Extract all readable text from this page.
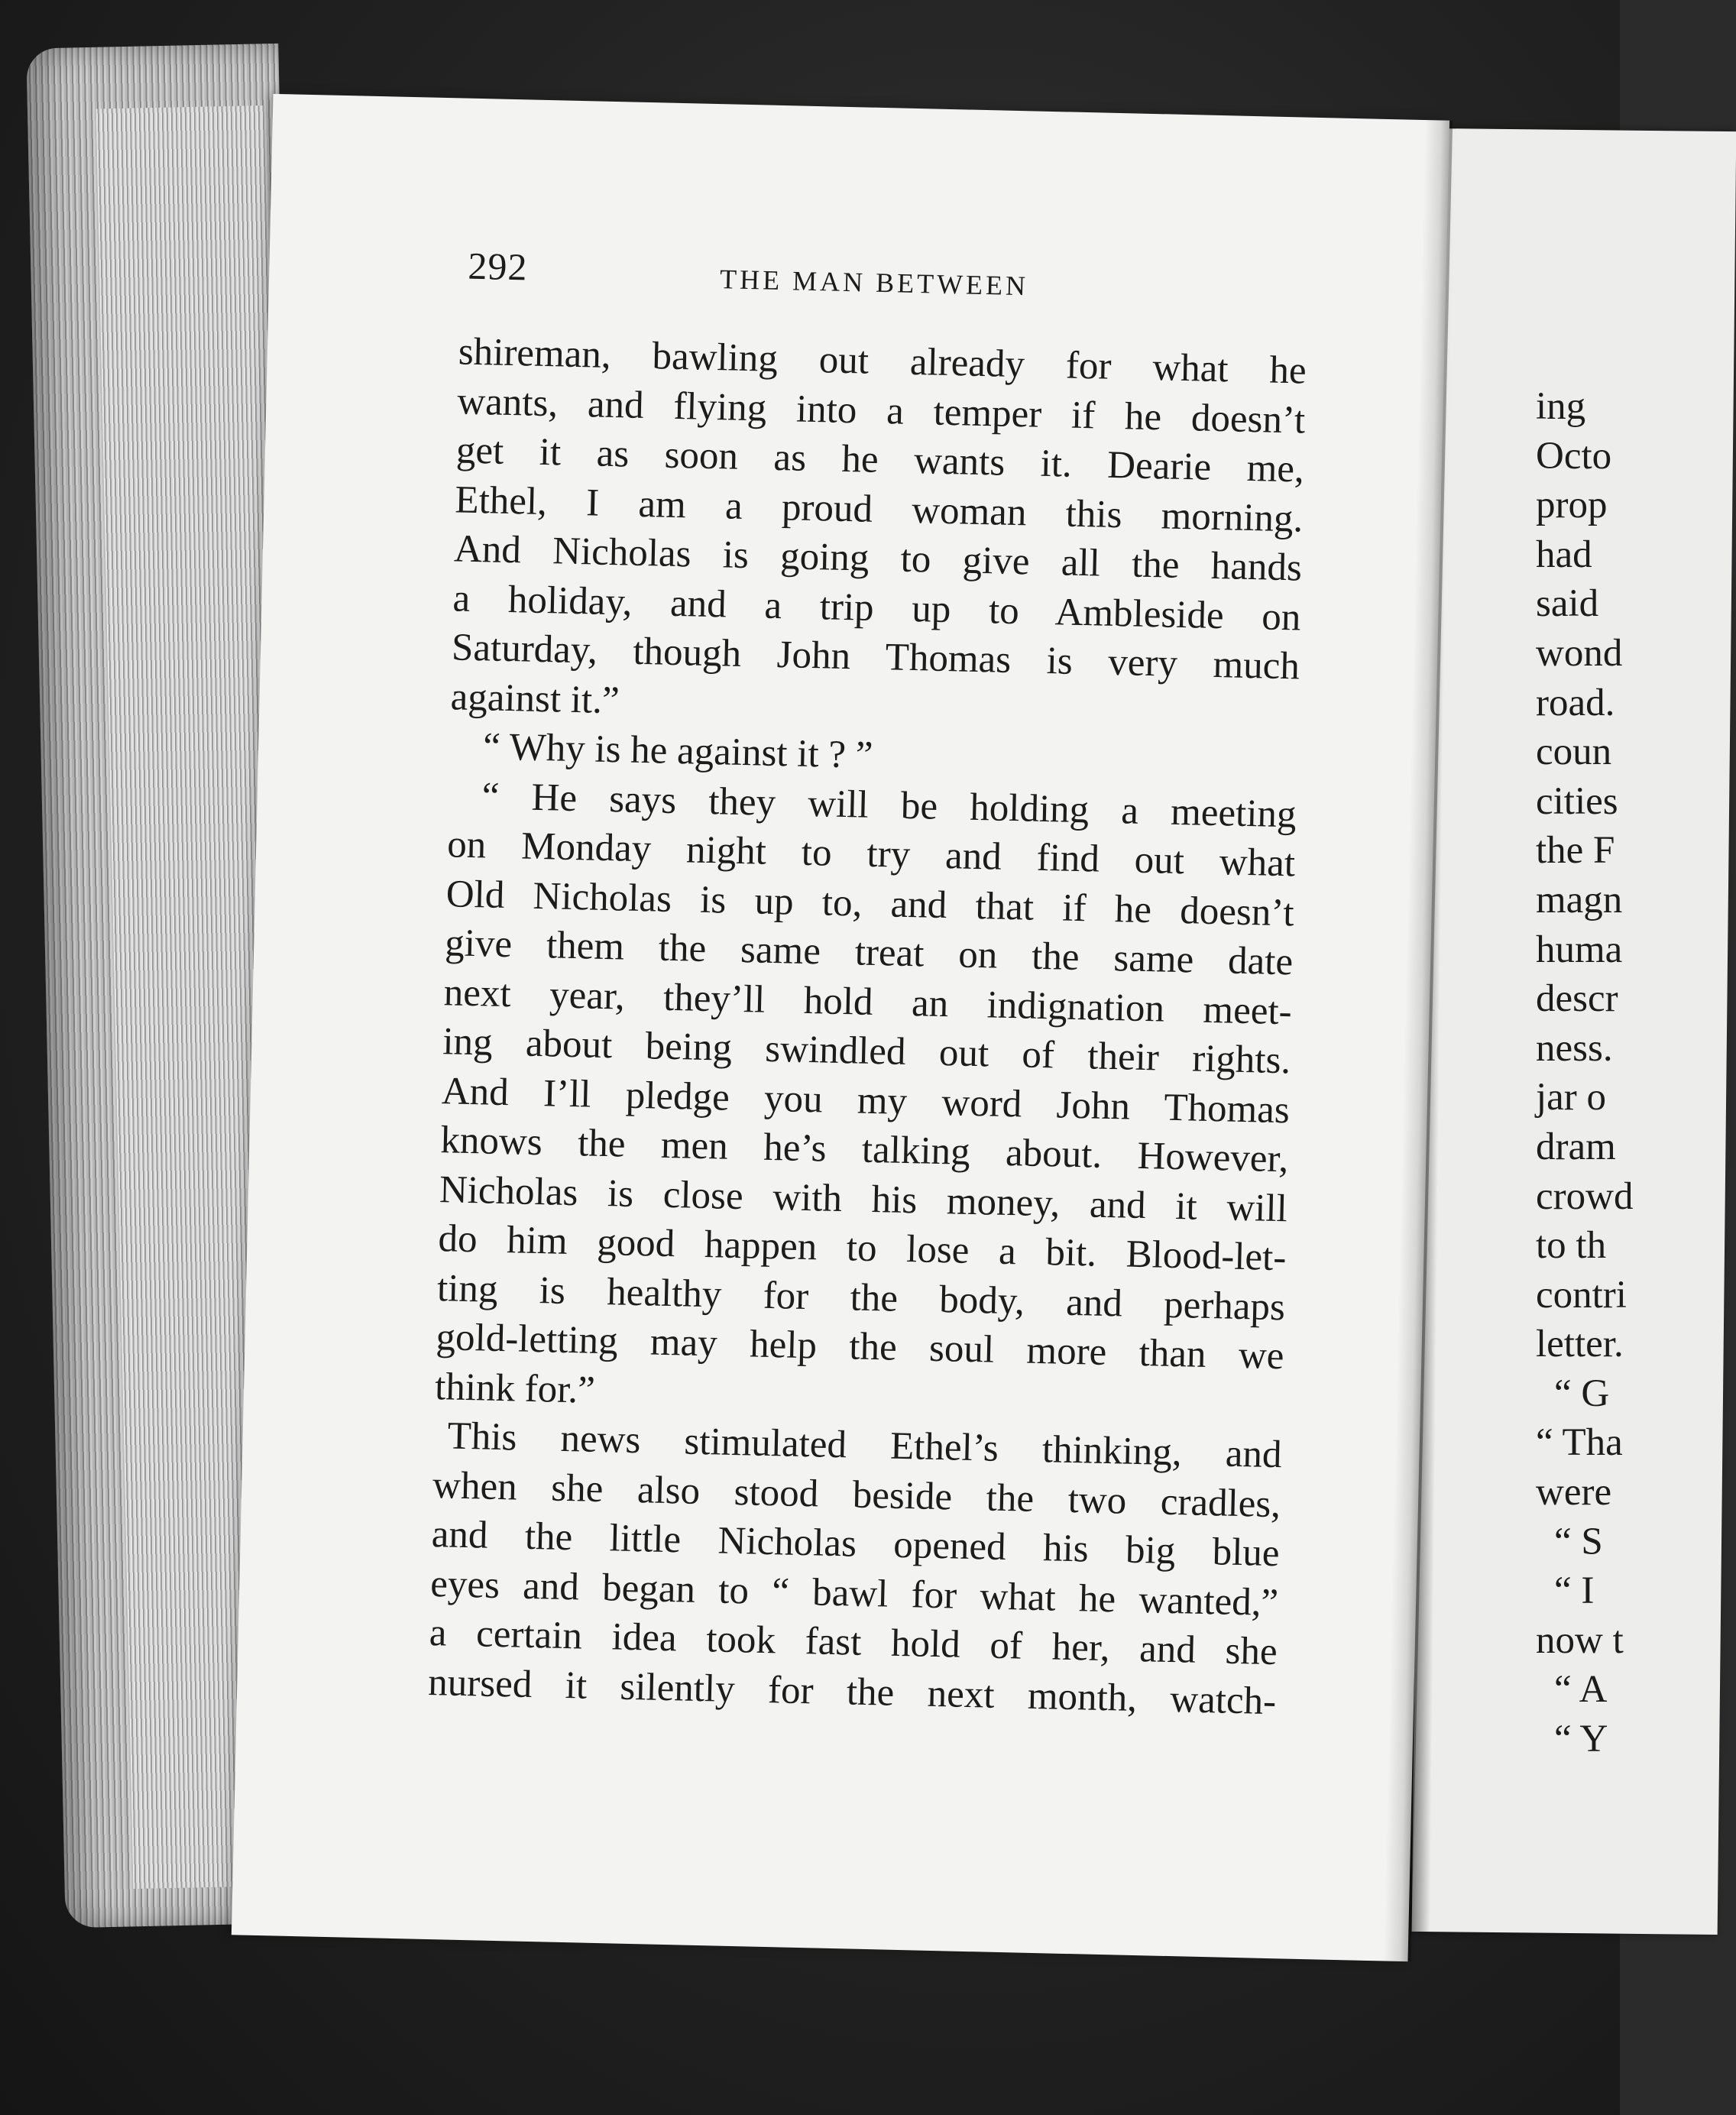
292	THE MAN BETWEEN
shireman, bawling out already for what he
wants, and flying into a temper if he doesn’t
get it as soon as he wants it. Dearie me,
Ethel, I am a proud woman this morning.
And Nicholas is going to give all the hands
a holiday, and a trip up to Ambleside on
Saturday, though John Thomas is very much
against it.”
“ Why is he against it ? ”
“ He says they will be holding a meeting
on Monday night to try and find out what
Old Nicholas is up to, and that if he doesn’t
give them the same treat on the same date
next year, they’ll hold an indignation meet-
ing about being swindled out of their rights.
And I’ll pledge you my word John Thomas
knows the men he’s talking about. However,
Nicholas is close with his money, and it will
do him good happen to lose a bit. Blood-let-
ting is healthy for the body, and perhaps
gold-letting may help the soul more than we
think for.”
This news stimulated Ethel’s thinking, and
when she also stood beside the two cradles,
and the little Nicholas opened his big blue
eyes and began to “ bawl for what he wanted,”
a certain idea took fast hold of her, and she
nursed it silently for the next month, watch-
ing
Octo
prop
had
said
wond
road.
coun
cities
the F
magn
huma
descr
ness.
jar o
dram
crowd
to th
contri
letter.
“ G
“ Tha
were
“ S
“ I
now t
“ A
“ Y
